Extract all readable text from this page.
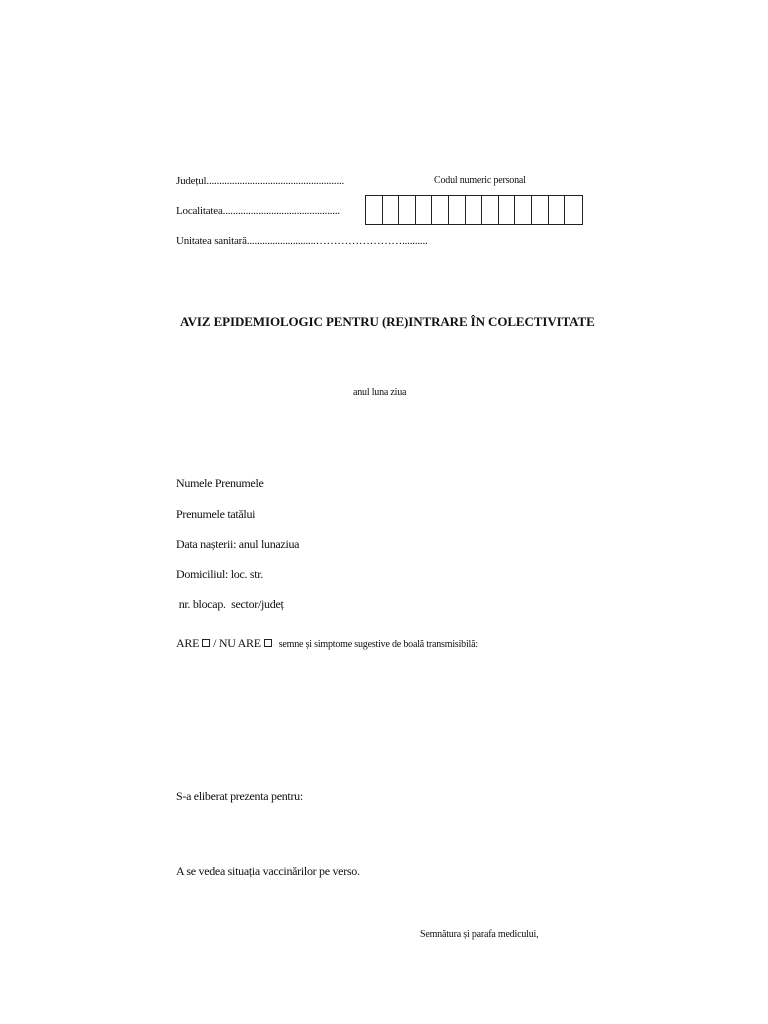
Județul......................................................
Localitatea..............................................
Unitatea sanitară...........................……………………..........
Codul numeric personal
AVIZ EPIDEMIOLOGIC PENTRU (RE)INTRARE ÎN COLECTIVITATE
anul luna ziua
Numele Prenumele
Prenumele tatălui
Data nașterii: anul lunaziua
Domiciliul: loc. str.
nr. blocap.  sector/județ
ARE / NU ARE semne și simptome sugestive de boală transmisibilă:
S-a eliberat prezenta pentru:
A se vedea situația vaccinărilor pe verso.
Semnătura și parafa medicului,
